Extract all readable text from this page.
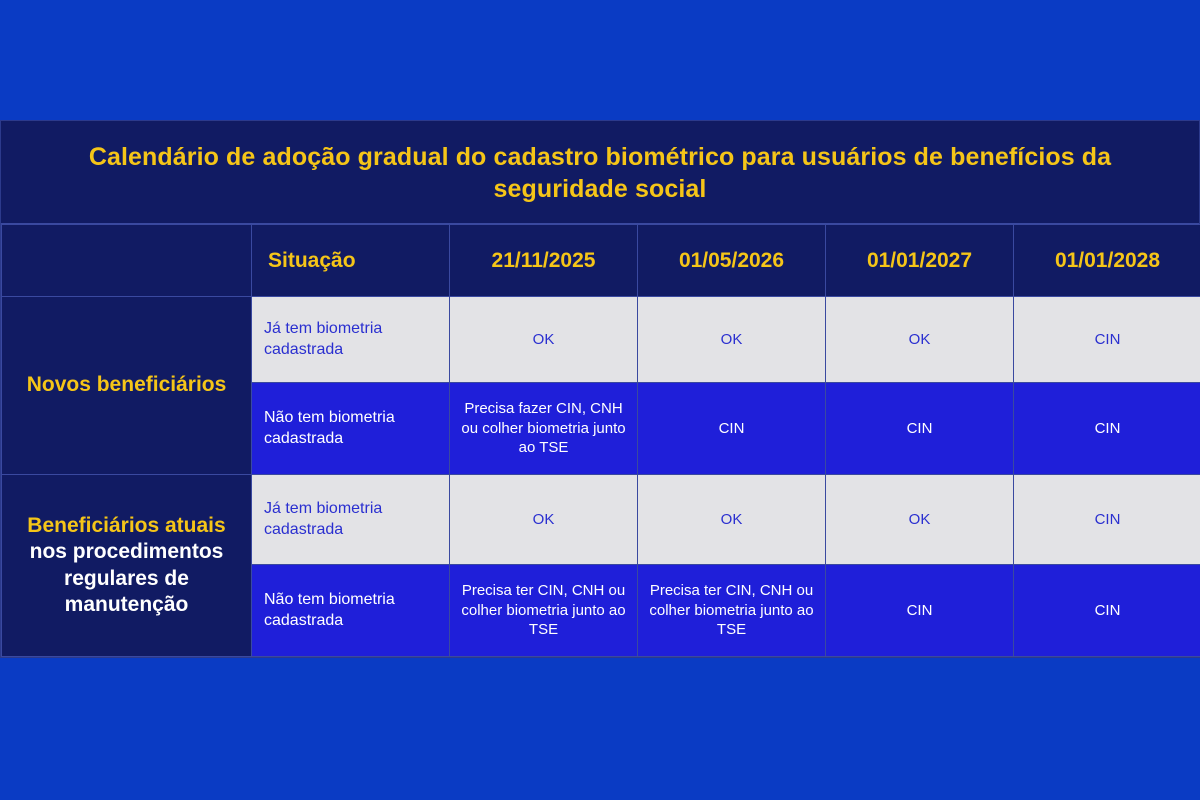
Calendário de adoção gradual do cadastro biométrico para usuários de benefícios da seguridade social
	Situação	21/11/2025	01/05/2026	01/01/2027	01/01/2028
Novos beneficiários	Já tem biometria cadastrada	OK	OK	OK	CIN
	Não tem biometria cadastrada	Precisa fazer CIN, CNH ou colher biometria junto ao TSE	CIN	CIN	CIN

Beneficiários atuais
nos procedimentos
regulares de
manutenção	Já tem biometria cadastrada	OK	OK	OK	CIN
	Não tem biometria cadastrada	Precisa ter CIN, CNH ou colher biometria junto ao TSE	Precisa ter CIN, CNH ou colher biometria junto ao TSE	CIN	CIN
